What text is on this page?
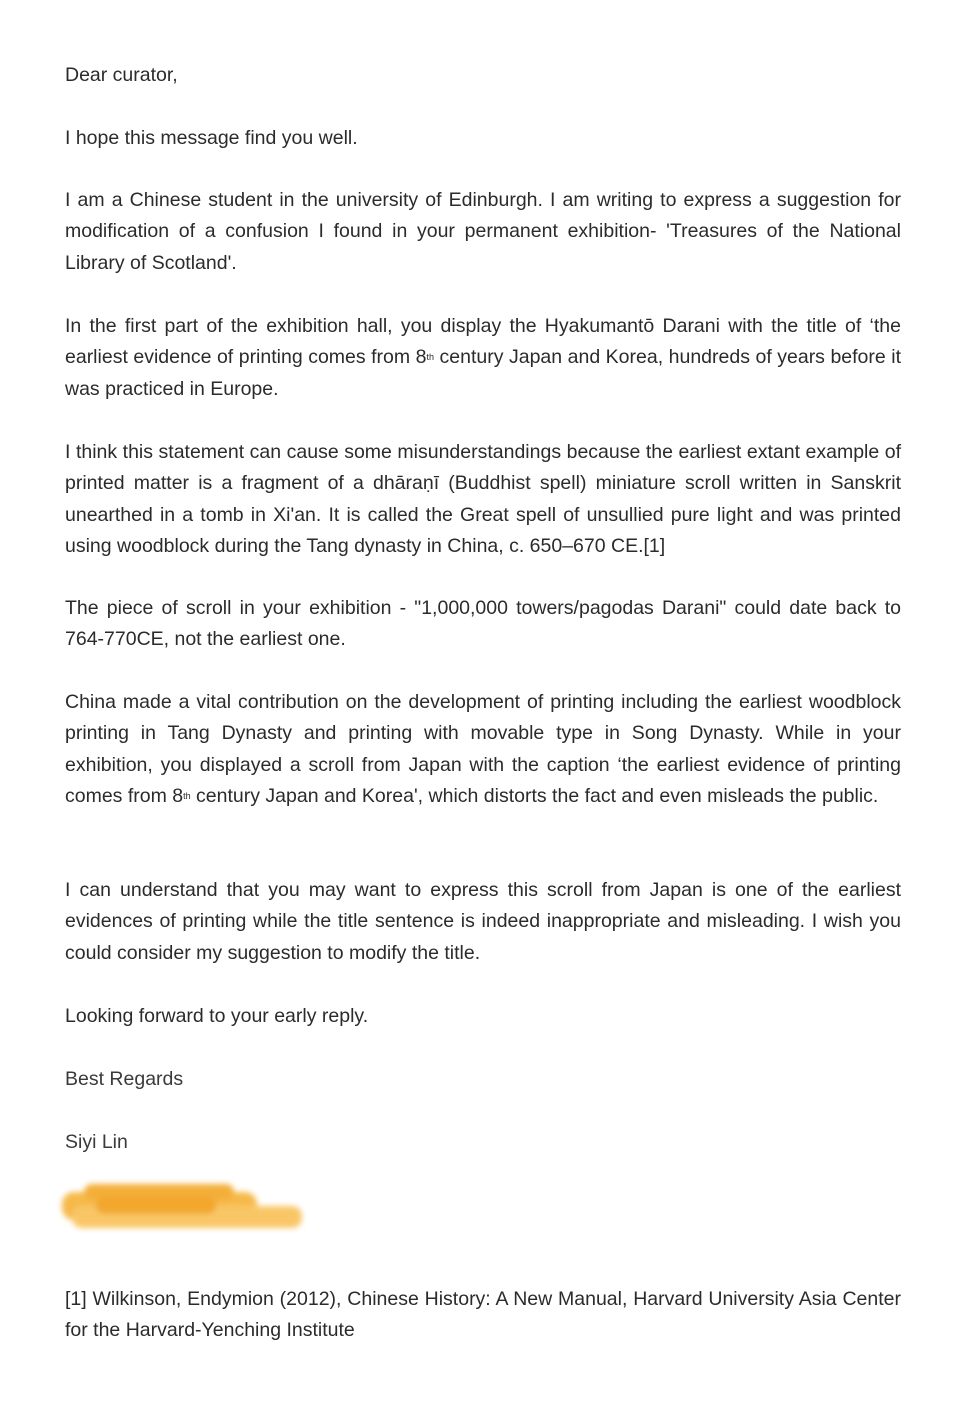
Dear curator,

I hope this message find you well.

I am a Chinese student in the university of Edinburgh. I am writing to express a suggestion for modification of a confusion I found in your permanent exhibition- 'Treasures of the National Library of Scotland'.

In the first part of the exhibition hall, you display the Hyakumantō Darani with the title of ‘the earliest evidence of printing comes from 8th century Japan and Korea, hundreds of years before it was practiced in Europe.

I think this statement can cause some misunderstandings because the earliest extant example of printed matter is a fragment of a dhāraṇī (Buddhist spell) miniature scroll written in Sanskrit unearthed in a tomb in Xi'an. It is called the Great spell of unsullied pure light and was printed using woodblock during the Tang dynasty in China, c. 650–670 CE.[1]

The piece of scroll in your exhibition - "1,000,000 towers/pagodas Darani" could date back to 764-770CE, not the earliest one.

China made a vital contribution on the development of printing including the earliest woodblock printing in Tang Dynasty and printing with movable type in Song Dynasty. While in your exhibition, you displayed a scroll from Japan with the caption ‘the earliest evidence of printing comes from 8th century Japan and Korea', which distorts the fact and even misleads the public.

I can understand that you may want to express this scroll from Japan is one of the earliest evidences of printing while the title sentence is indeed inappropriate and misleading. I wish you could consider my suggestion to modify the title.

Looking forward to your early reply.

Best Regards

Siyi Lin

[1] Wilkinson, Endymion (2012), Chinese History: A New Manual, Harvard University Asia Center for the Harvard-Yenching Institute
